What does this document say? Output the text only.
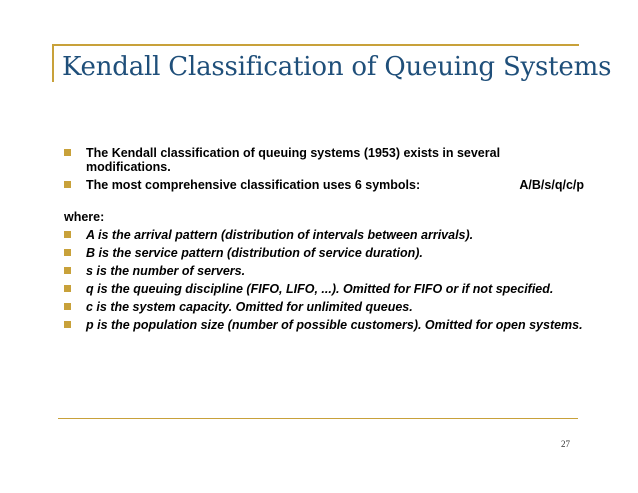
Kendall Classification of Queuing Systems
The Kendall classification of queuing systems (1953) exists in several modifications.
The most comprehensive classification uses 6 symbols:	A/B/s/q/c/p
where:
A is the arrival pattern (distribution of intervals between arrivals).
B is the service pattern (distribution of service duration).
s is the number of servers.
q is the queuing discipline (FIFO, LIFO, ...). Omitted for FIFO or if not specified.
c is the system capacity. Omitted for unlimited queues.
p is the population size (number of possible customers). Omitted for open systems.
27
